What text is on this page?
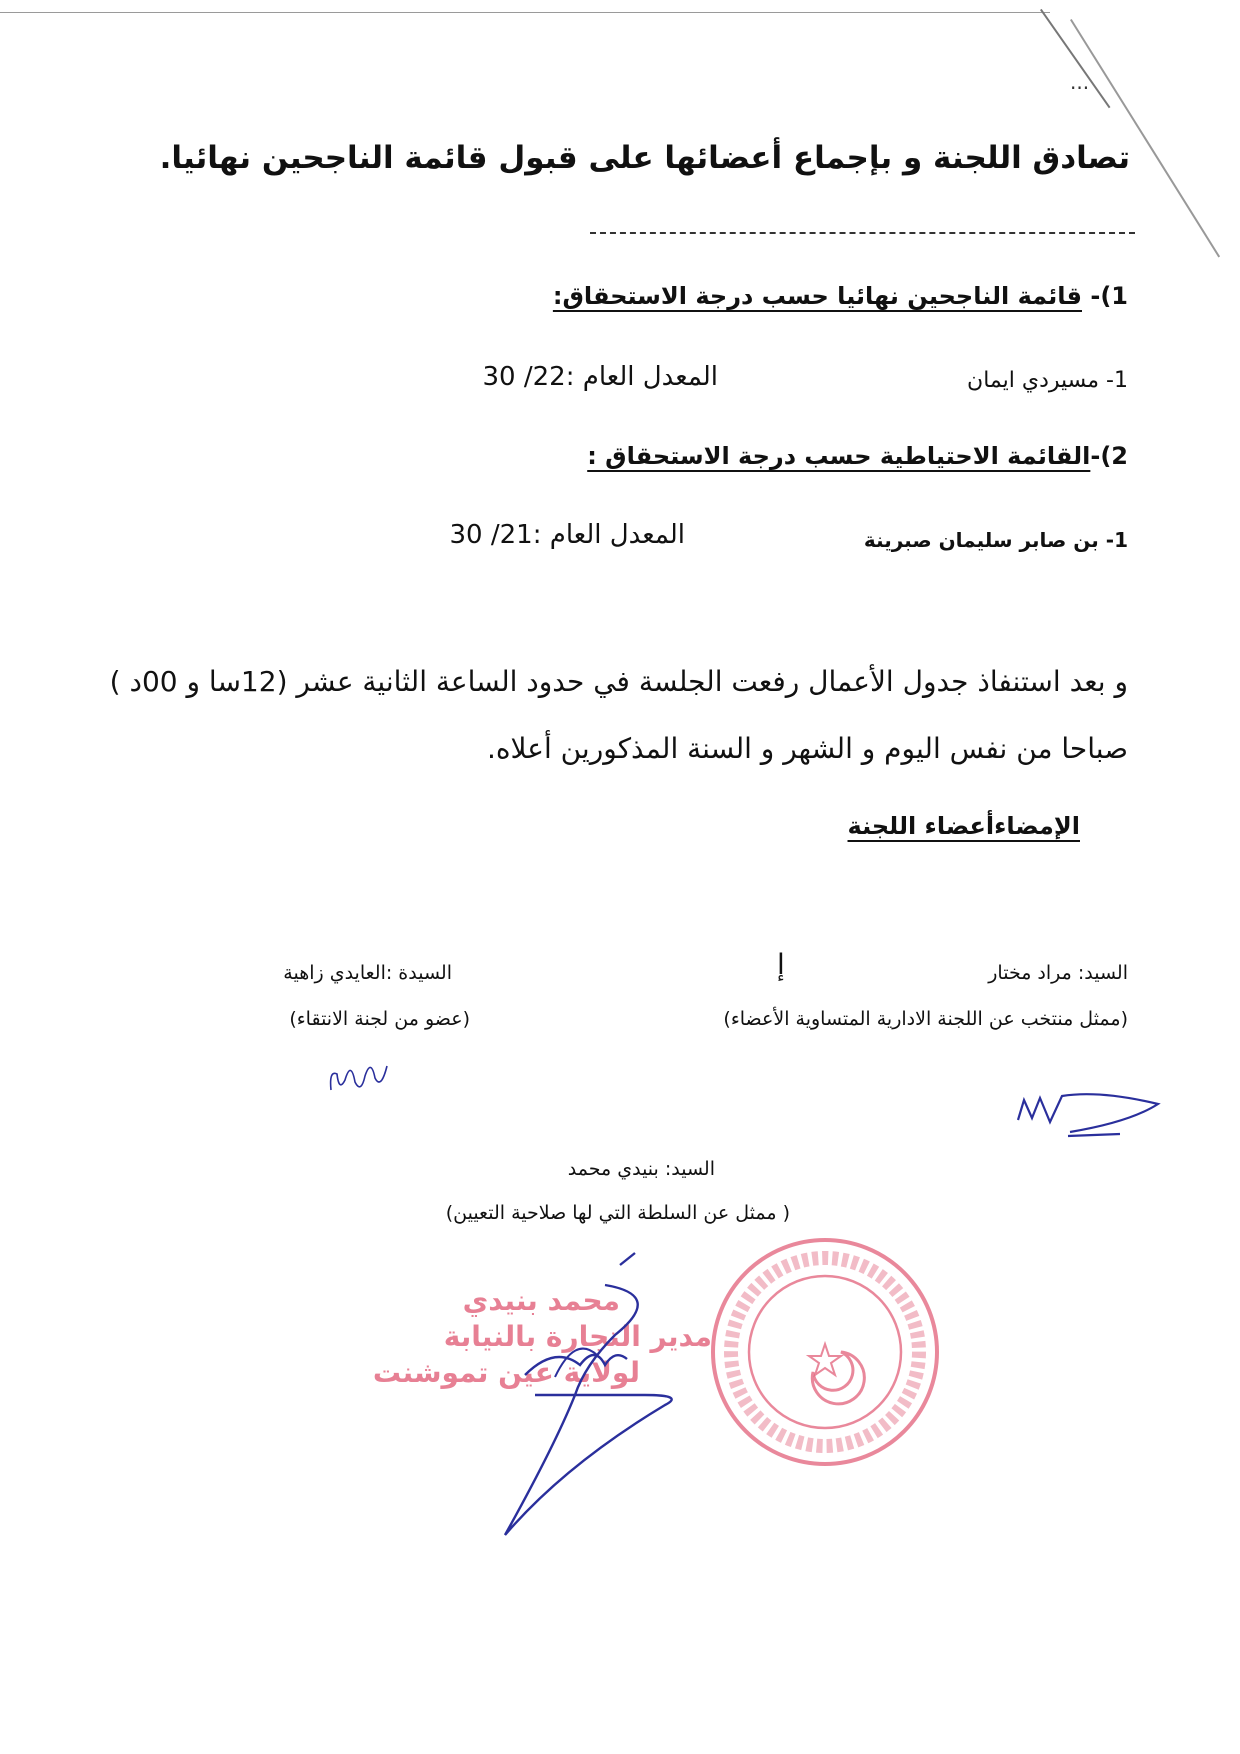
...
تصادق اللجنة و بإجماع أعضائها على قبول قائمة الناجحين نهائيا.
1)- قائمة الناجحين نهائيا حسب درجة الاستحقاق:
1- مسيردي ايمان
المعدل العام :22/ 30
2)-القائمة الاحتياطية حسب درجة الاستحقاق :
1- بن صابر سليمان صبرينة
المعدل العام :21/ 30
و بعد استنفاذ جدول الأعمال رفعت الجلسة في حدود الساعة الثانية عشر (12سا و 00د )
صباحا من نفس اليوم و الشهر و السنة المذكورين أعلاه.
الإمضاءأعضاء اللجنة
السيد: مراد مختار
(ممثل منتخب عن اللجنة الادارية المتساوية الأعضاء)
السيدة :العايدي زاهية
(عضو من لجنة الانتقاء)
إ
السيد: بنيدي محمد
( ممثل عن السلطة التي لها صلاحية التعيين)
محمد بنيدي
مدير التجارة بالنيابة
لولاية عين تموشنت
